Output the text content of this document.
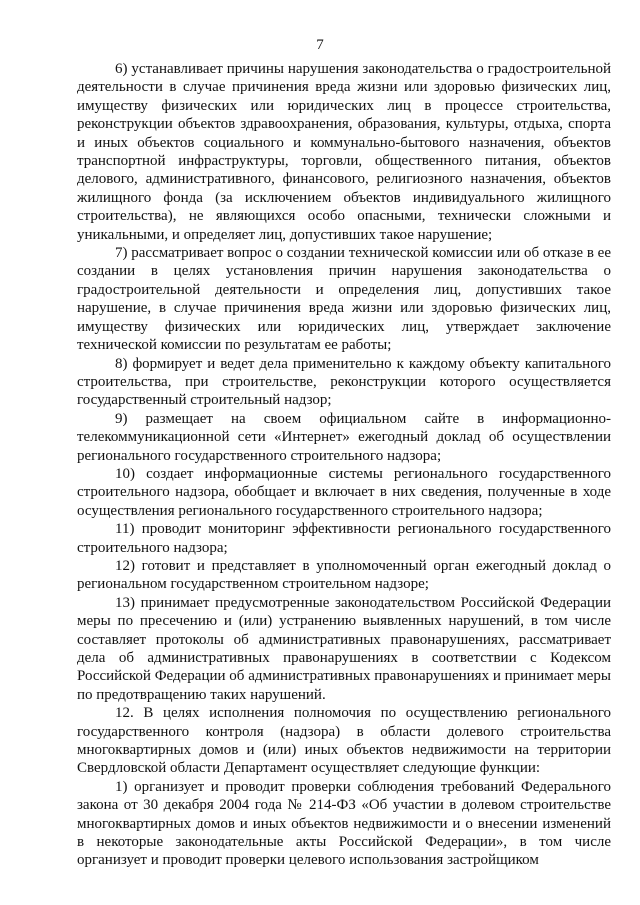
7

6) устанавливает причины нарушения законодательства о градостроительной деятельности в случае причинения вреда жизни или здоровью физических лиц, имуществу физических или юридических лиц в процессе строительства, реконструкции объектов здравоохранения, образования, культуры, отдыха, спорта и иных объектов социального и коммунально-бытового назначения, объектов транспортной инфраструктуры, торговли, общественного питания, объектов делового, административного, финансового, религиозного назначения, объектов жилищного фонда (за исключением объектов индивидуального жилищного строительства), не являющихся особо опасными, технически сложными и уникальными, и определяет лиц, допустивших такое нарушение;

7) рассматривает вопрос о создании технической комиссии или об отказе в ее создании в целях установления причин нарушения законодательства о градостроительной деятельности и определения лиц, допустивших такое нарушение, в случае причинения вреда жизни или здоровью физических лиц, имуществу физических или юридических лиц, утверждает заключение технической комиссии по результатам ее работы;

8) формирует и ведет дела применительно к каждому объекту капитального строительства, при строительстве, реконструкции которого осуществляется государственный строительный надзор;

9) размещает на своем официальном сайте в информационно-телекоммуникационной сети «Интернет» ежегодный доклад об осуществлении регионального государственного строительного надзора;

10) создает информационные системы регионального государственного строительного надзора, обобщает и включает в них сведения, полученные в ходе осуществления регионального государственного строительного надзора;

11) проводит мониторинг эффективности регионального государственного строительного надзора;

12) готовит и представляет в уполномоченный орган ежегодный доклад о региональном государственном строительном надзоре;

13) принимает предусмотренные законодательством Российской Федерации меры по пресечению и (или) устранению выявленных нарушений, в том числе составляет протоколы об административных правонарушениях, рассматривает дела об административных правонарушениях в соответствии с Кодексом Российской Федерации об административных правонарушениях и принимает меры по предотвращению таких нарушений.

12. В целях исполнения полномочия по осуществлению регионального государственного контроля (надзора) в области долевого строительства многоквартирных домов и (или) иных объектов недвижимости на территории Свердловской области Департамент осуществляет следующие функции:

1) организует и проводит проверки соблюдения требований Федерального закона от 30 декабря 2004 года № 214-ФЗ «Об участии в долевом строительстве многоквартирных домов и иных объектов недвижимости и о внесении изменений в некоторые законодательные акты Российской Федерации», в том числе организует и проводит проверки целевого использования застройщиком
